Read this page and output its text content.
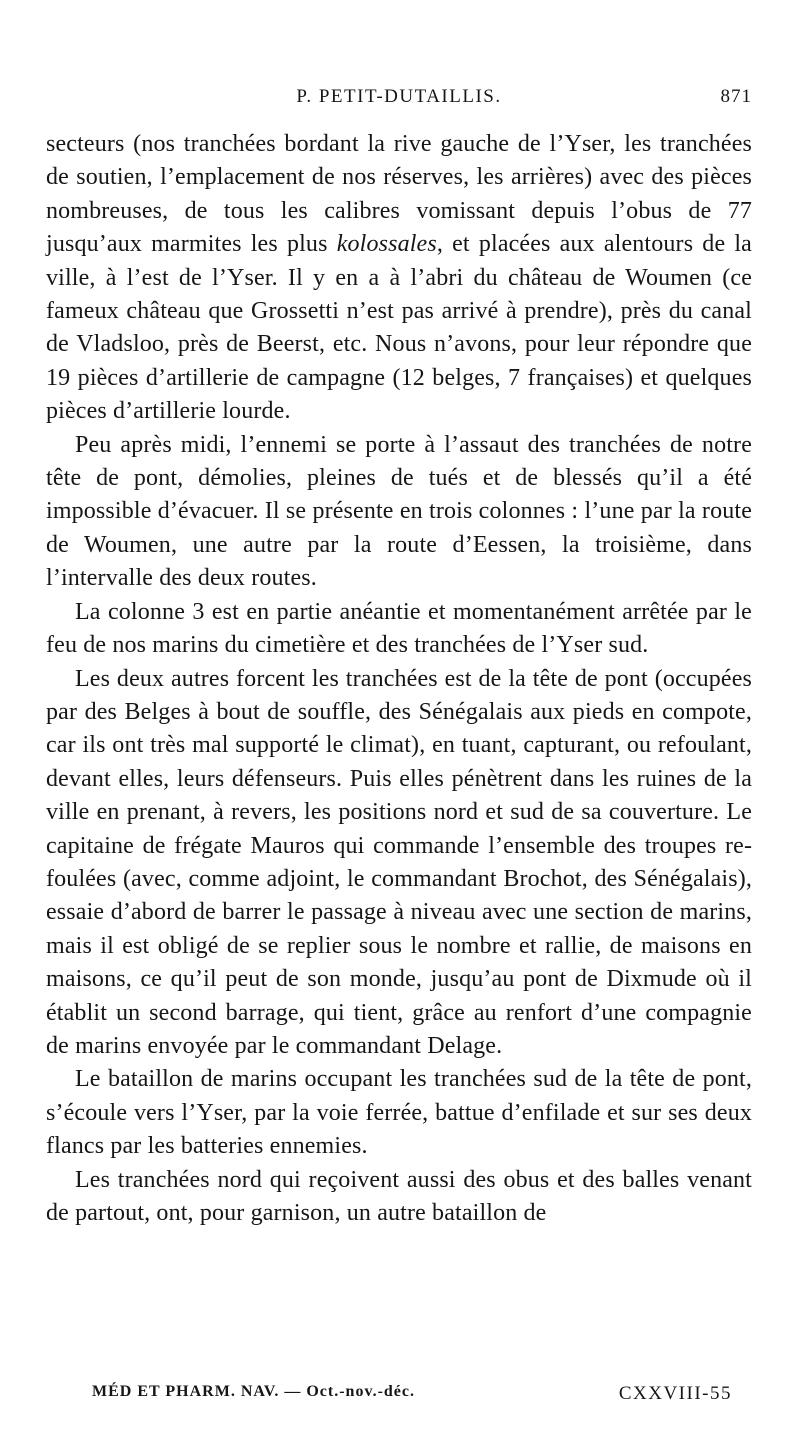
P. PETIT-DUTAILLIS.	871

secteurs (nos tranchées bordant la rive gauche de l’Yser, les tranchées de soutien, l’emplacement de nos réserves, les arrières) avec des pièces nombreuses, de tous les calibres vomissant depuis l’obus de 77 jusqu’aux marmites les plus kolossales, et placées aux alentours de la ville, à l’est de l’Yser. Il y en a à l’abri du château de Woumen (ce fameux château que Grossetti n’est pas arrivé à prendre), près du canal de Vladsloo, près de Beerst, etc. Nous n’avons, pour leur répondre que 19 pièces d’artillerie de campagne (12 belges, 7 françaises) et quelques pièces d’artillerie lourde.

Peu après midi, l’ennemi se porte à l’assaut des tranchées de notre tête de pont, démolies, pleines de tués et de blessés qu’il a été impossible d’évacuer. Il se présente en trois colonnes : l’une par la route de Woumen, une autre par la route d’Eessen, la troisième, dans l’intervalle des deux routes.

La colonne 3 est en partie anéantie et momentanément arrêtée par le feu de nos marins du cimetière et des tranchées de l’Yser sud.

Les deux autres forcent les tranchées est de la tête de pont (occupées par des Belges à bout de souffle, des Sénégalais aux pieds en compote, car ils ont très mal supporté le climat), en tuant, capturant, ou refoulant, devant elles, leurs défenseurs. Puis elles pénètrent dans les ruines de la ville en prenant, à revers, les positions nord et sud de sa couverture. Le capitaine de frégate Mauros qui commande l’ensemble des troupes refoulées (avec, comme adjoint, le commandant Brochot, des Sénégalais), essaie d’abord de barrer le passage à niveau avec une section de marins, mais il est obligé de se replier sous le nombre et rallie, de maisons en maisons, ce qu’il peut de son monde, jusqu’au pont de Dixmude où il établit un second barrage, qui tient, grâce au renfort d’une compagnie de marins envoyée par le commandant Delage.

Le bataillon de marins occupant les tranchées sud de la tête de pont, s’écoule vers l’Yser, par la voie ferrée, battue d’enfilade et sur ses deux flancs par les batteries ennemies.

Les tranchées nord qui reçoivent aussi des obus et des balles venant de partout, ont, pour garnison, un autre bataillon de

MÉD ET PHARM. NAV. — Oct.-nov.-déc.	CXXVIII-55
